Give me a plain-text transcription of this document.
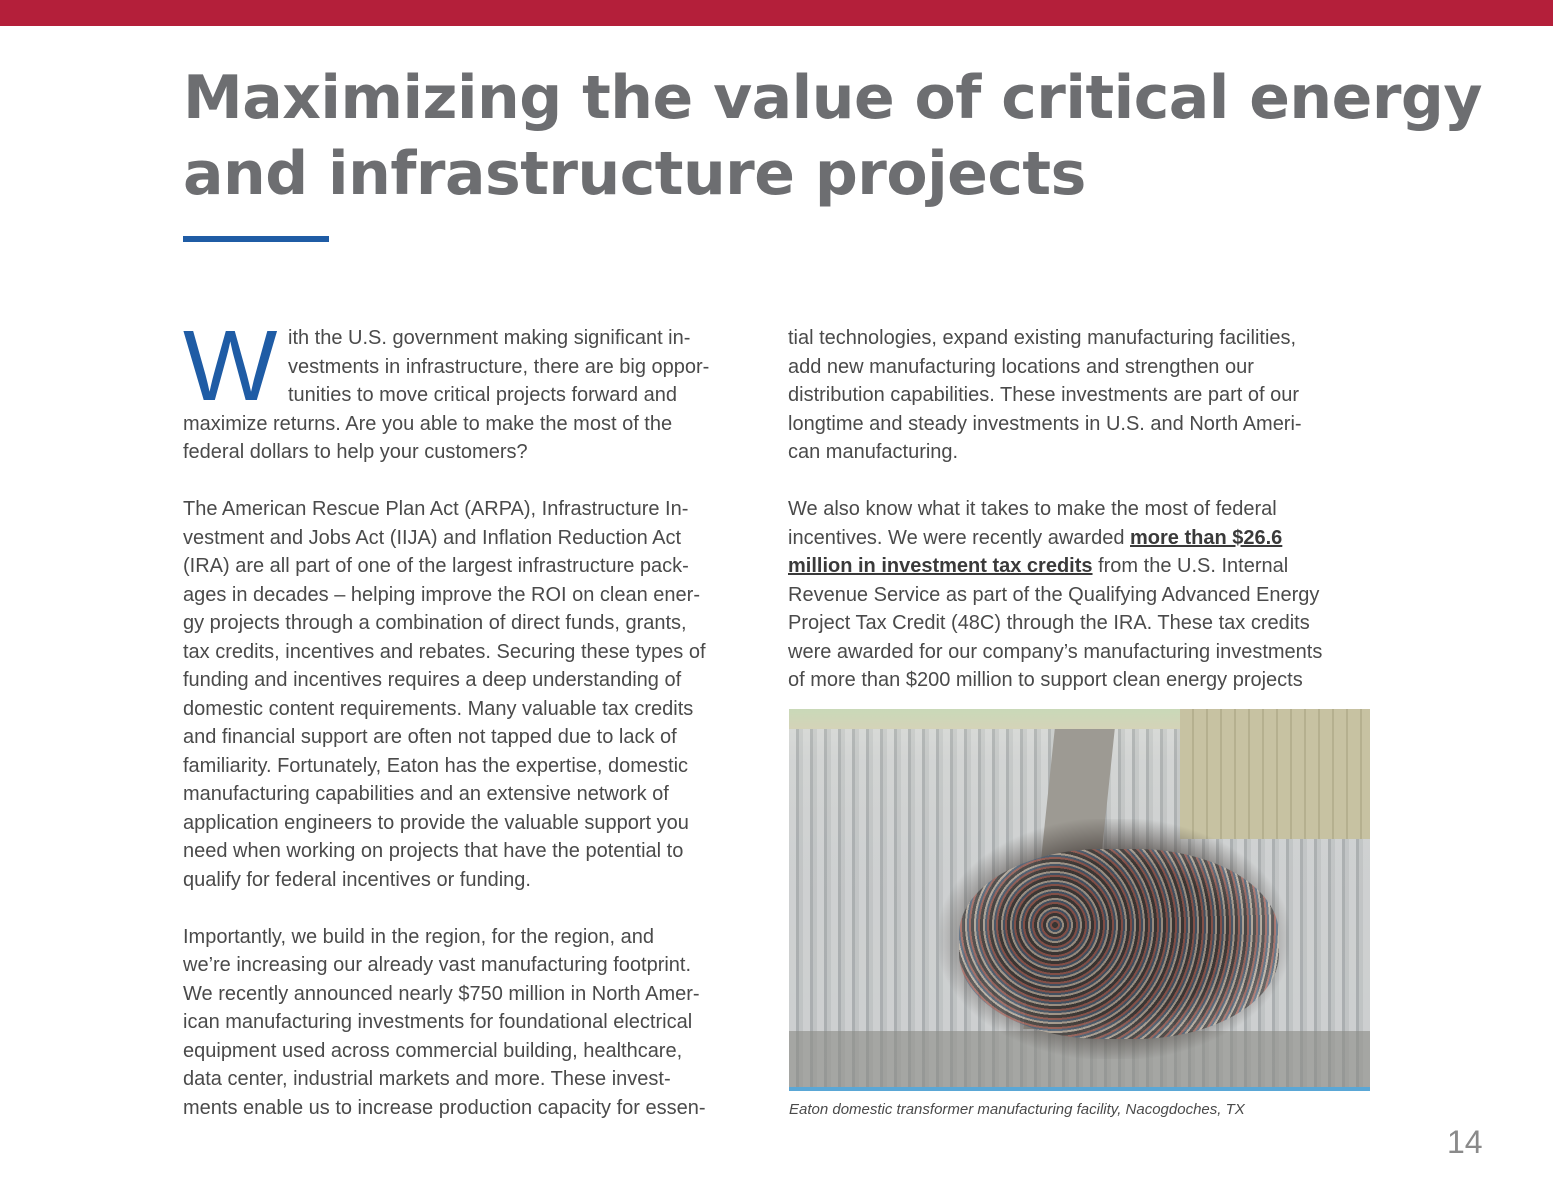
Maximizing the value of critical energy
and infrastructure projects
W ith the U.S. government making significant in-
vestments in infrastructure, there are big oppor-
tunities to move critical projects forward and
maximize returns. Are you able to make the most of the
federal dollars to help your customers?
The American Rescue Plan Act (ARPA), Infrastructure In-
vestment and Jobs Act (IIJA) and Inflation Reduction Act
(IRA) are all part of one of the largest infrastructure pack-
ages in decades – helping improve the ROI on clean ener-
gy projects through a combination of direct funds, grants,
tax credits, incentives and rebates. Securing these types of
funding and incentives requires a deep understanding of
domestic content requirements. Many valuable tax credits
and financial support are often not tapped due to lack of
familiarity. Fortunately, Eaton has the expertise, domestic
manufacturing capabilities and an extensive network of
application engineers to provide the valuable support you
need when working on projects that have the potential to
qualify for federal incentives or funding.
Importantly, we build in the region, for the region, and
we’re increasing our already vast manufacturing footprint.
We recently announced nearly $750 million in North Amer-
ican manufacturing investments for foundational electrical
equipment used across commercial building, healthcare,
data center, industrial markets and more. These invest-
ments enable us to increase production capacity for essen-
tial technologies, expand existing manufacturing facilities,
add new manufacturing locations and strengthen our
distribution capabilities. These investments are part of our
longtime and steady investments in U.S. and North Ameri-
can manufacturing.
We also know what it takes to make the most of federal
incentives. We were recently awarded more than $26.6
million in investment tax credits from the U.S. Internal
Revenue Service as part of the Qualifying Advanced Energy
Project Tax Credit (48C) through the IRA. These tax credits
were awarded for our company’s manufacturing investments
of more than $200 million to support clean energy projects

Eaton domestic transformer manufacturing facility, Nacogdoches, TX

14
